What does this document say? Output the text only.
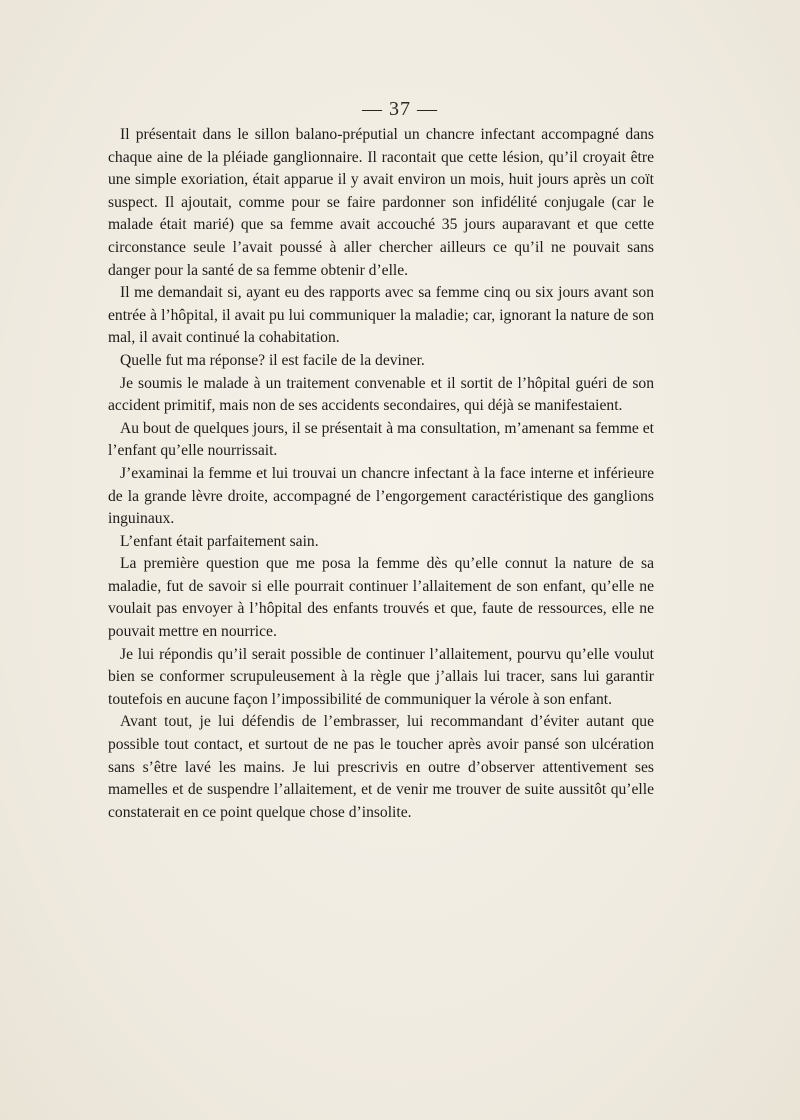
— 37 —

Il présentait dans le sillon balano-préputial un chancre infectant accompagné dans chaque aine de la pléiade ganglionnaire. Il racontait que cette lésion, qu’il croyait être une simple exoriation, était apparue il y avait environ un mois, huit jours après un coït suspect. Il ajoutait, comme pour se faire pardonner son infidélité conjugale (car le malade était marié) que sa femme avait accouché 35 jours auparavant et que cette circonstance seule l’avait poussé à aller chercher ailleurs ce qu’il ne pouvait sans danger pour la santé de sa femme obtenir d’elle.

Il me demandait si, ayant eu des rapports avec sa femme cinq ou six jours avant son entrée à l’hôpital, il avait pu lui communiquer la maladie; car, ignorant la nature de son mal, il avait continué la cohabitation.

Quelle fut ma réponse? il est facile de la deviner.

Je soumis le malade à un traitement convenable et il sortit de l’hôpital guéri de son accident primitif, mais non de ses accidents secondaires, qui déjà se manifestaient.

Au bout de quelques jours, il se présentait à ma consultation, m’amenant sa femme et l’enfant qu’elle nourrissait.

J’examinai la femme et lui trouvai un chancre infectant à la face interne et inférieure de la grande lèvre droite, accompagné de l’engorgement caractéristique des ganglions inguinaux.

L’enfant était parfaitement sain.

La première question que me posa la femme dès qu’elle connut la nature de sa maladie, fut de savoir si elle pourrait continuer l’allaitement de son enfant, qu’elle ne voulait pas envoyer à l’hôpital des enfants trouvés et que, faute de ressources, elle ne pouvait mettre en nourrice.

Je lui répondis qu’il serait possible de continuer l’allaitement, pourvu qu’elle voulut bien se conformer scrupuleusement à la règle que j’allais lui tracer, sans lui garantir toutefois en aucune façon l’impossibilité de communiquer la vérole à son enfant.

Avant tout, je lui défendis de l’embrasser, lui recommandant d’éviter autant que possible tout contact, et surtout de ne pas le toucher après avoir pansé son ulcération sans s’être lavé les mains. Je lui prescrivis en outre d’observer attentivement ses mamelles et de suspendre l’allaitement, et de venir me trouver de suite aussitôt qu’elle constaterait en ce point quelque chose d’insolite.
